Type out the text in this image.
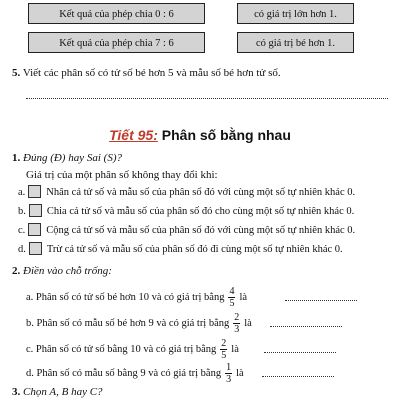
Kết quả của phép chia 0 : 6
Kết quả của phép chia 7 : 6
có giá trị lớn hơn 1.
có giá trị bé hơn 1.
5. Viết các phân số có tử số bé hơn 5 và mẫu số bé hơn tử số.
Tiết 95: Phân số bằng nhau
1. Đúng (Đ) hay Sai (S)?
Giá trị của một phân số không thay đổi khi:
a. Nhân cả tử số và mẫu số của phân số đó với cùng một số tự nhiên khác 0.
b. Chia cả tử số và mẫu số của phân số đó cho cùng một số tự nhiên khác 0.
c. Cộng cả tử số và mẫu số của phân số đó với cùng một số tự nhiên khác 0.
d. Trừ cả tử số và mẫu số của phân số đó đi cùng một số tự nhiên khác 0.
2. Điền vào chỗ trống:
a. Phân số có tử số bé hơn 10 và có giá trị bằng $\frac{4}{5}$ là
b. Phân số có mẫu số bé hơn 9 và có giá trị bằng $\frac{2}{3}$ là
c. Phân số có tử số bằng 10 và có giá trị bằng $\frac{2}{5}$ là
d. Phân số có mẫu số bằng 9 và có giá trị bằng $\frac{1}{3}$ là
3. Chọn A, B hay C?
